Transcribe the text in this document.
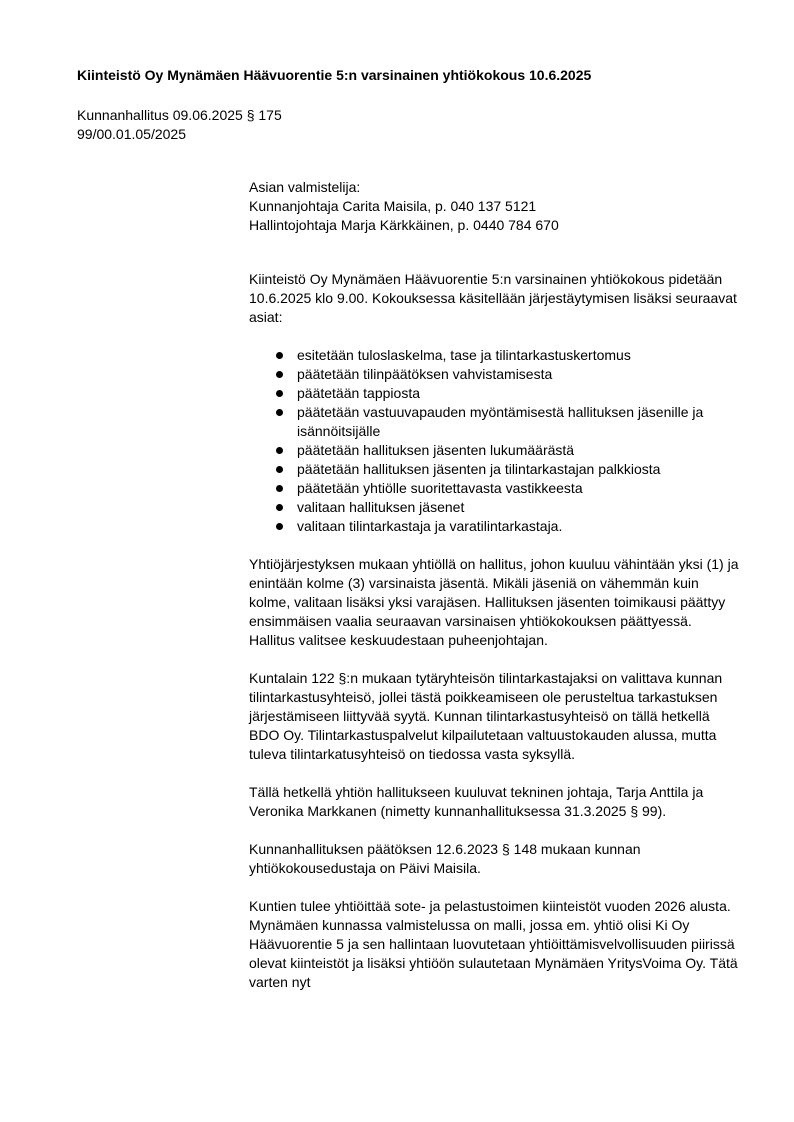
Kiinteistö Oy Mynämäen Häävuorentie 5:n varsinainen yhtiökokous 10.6.2025
Kunnanhallitus 09.06.2025 § 175
99/00.01.05/2025

Asian valmistelija:
Kunnanjohtaja Carita Maisila, p. 040 137 5121
Hallintojohtaja Marja Kärkkäinen, p. 0440 784 670

Kiinteistö Oy Mynämäen Häävuorentie 5:n varsinainen yhtiökokous pidetään 10.6.2025 klo 9.00. Kokouksessa käsitellään järjestäytymisen lisäksi seuraavat asiat:

esitetään tuloslaskelma, tase ja tilintarkastuskertomus
päätetään tilinpäätöksen vahvistamisesta
päätetään tappiosta
päätetään vastuuvapauden myöntämisestä hallituksen jäsenille ja isännöitsijälle
päätetään hallituksen jäsenten lukumäärästä
päätetään hallituksen jäsenten ja tilintarkastajan palkkiosta
päätetään yhtiölle suoritettavasta vastikkeesta
valitaan hallituksen jäsenet
valitaan tilintarkastaja ja varatilintarkastaja.

Yhtiöjärjestyksen mukaan yhtiöllä on hallitus, johon kuuluu vähintään yksi (1) ja enintään kolme (3) varsinaista jäsentä. Mikäli jäseniä on vähemmän kuin kolme, valitaan lisäksi yksi varajäsen. Hallituksen jäsenten toimikausi päättyy ensimmäisen vaalia seuraavan varsinaisen yhtiökokouksen päättyessä. Hallitus valitsee keskuudestaan puheenjohtajan.

Kuntalain 122 §:n mukaan tytäryhteisön tilintarkastajaksi on valittava kunnan tilintarkastusyhteisö, jollei tästä poikkeamiseen ole perusteltua tarkastuksen järjestämiseen liittyvää syytä. Kunnan tilintarkastusyhteisö on tällä hetkellä BDO Oy. Tilintarkastuspalvelut kilpailutetaan valtuustokauden alussa, mutta tuleva tilintarkatusyhteisö on tiedossa vasta syksyllä.

Tällä hetkellä yhtiön hallitukseen kuuluvat tekninen johtaja, Tarja Anttila ja Veronika Markkanen (nimetty kunnanhallituksessa 31.3.2025 § 99).

Kunnanhallituksen päätöksen 12.6.2023 § 148 mukaan kunnan yhtiökokousedustaja on Päivi Maisila.

Kuntien tulee yhtiöittää sote- ja pelastustoimen kiinteistöt vuoden 2026 alusta. Mynämäen kunnassa valmistelussa on malli, jossa em. yhtiö olisi Ki Oy Häävuorentie 5 ja sen hallintaan luovutetaan yhtiöittämisvelvollisuuden piirissä olevat kiinteistöt ja lisäksi yhtiöön sulautetaan Mynämäen YritysVoima Oy. Tätä varten nyt
